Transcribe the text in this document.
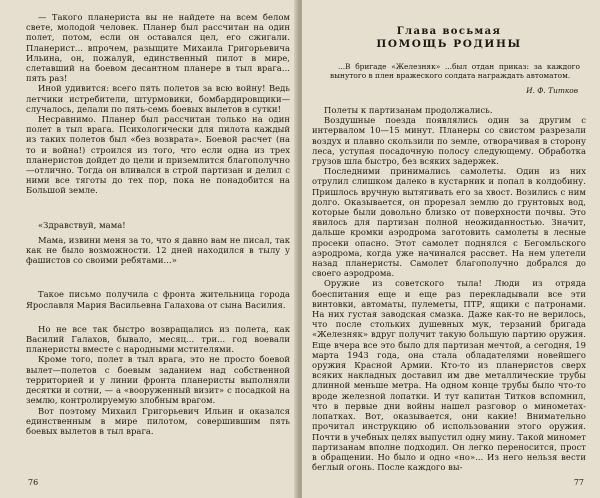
— Такого планериста вы не найдете на всем белом свете, молодой человек. Планер был рассчитан на один полет, потом, если он оставался цел, его сжигали. Планерист... впрочем, разыщите Михаила Григорьевича Ильина, он, пожалуй, единственный пилот в мире, слетавший на боевом десантном планере в тыл врага... пять раз!

Иной удивится: всего пять полетов за всю войну! Ведь летчики истребители, штурмовики, бомбардировщики—случалось, делали по пять-семь боевых вылетов в сутки!

Несравнимо. Планер был рассчитан только на один полет в тыл врага. Психологически для пилота каждый из таких полетов был «без возврата». Боевой расчет (на то и война!) строился из того, что если одна из трех планеристов дойдет до цели и приземлится благополучно—отлично. Тогда он вливался в строй партизан и делил с ними все тяготы до тех пор, пока не понадобится на Большой земле.

«Здравствуй, мама!

Мама, извини меня за то, что я давно вам не писал, так как не было возможности. 12 дней находился в тылу у фашистов со своими ребятами...»

Такое письмо получила с фронта жительница города Ярославля Мария Васильевна Галахова от сына Василия.

Но не все так быстро возвращались из полета, как Василий Галахов, бывало, месяц... три... год воевали планеристы вместе с народными мстителями.

Кроме того, полет в тыл врага, это не просто боевой вылет—полетов с боевым заданием над собственной территорией и у линии фронта планеристы выполняли десятки и сотни, — а «вооруженный визит» с посадкой на землю, контролируемую злобным врагом.

Вот поэтому Михаил Григорьевич Ильин и оказался единственным в мире пилотом, совершившим пять боевых вылетов в тыл врага.

76
Глава восьмая
ПОМОЩЬ РОДИНЫ

...В бригаде «Железняк» ...был отдан приказ: за каждого вынутого в плен вражеского солдата награждать автоматом.

И. Ф. Титков

Полеты к партизанам продолжались.

Воздушные поезда появлялись один за другим с интервалом 10—15 минут. Планеры со свистом разрезали воздух и плавно скользили по земле, отворачивая в сторону леса, уступая посадочную полосу следующему. Обработка грузов шла быстро, без всяких задержек.

Последними принимались самолеты. Один из них отрулил слишком далеко в кустарник и попал в колдобину. Пришлось вручную вытягивать его за хвост. Возились с ним долго. Оказывается, он прорезал землю до грунтовых вод, которые были довольно близко от поверхности почвы. Это явилось для партизан полной неожиданностью. Значит, дальше кромки аэродрома заготовить самолеты в лесные просеки опасно. Этот самолет поднялся с Бегомльского аэродрома, когда уже начинался рассвет. На нем улетели назад планеристы. Самолет благополучно добрался до своего аэродрома.

Оружие из советского тыла! Люди из отряда боеспитания еще и еще раз перекладывали все эти винтовки, автоматы, пулеметы, ПТР, ящики с патронами. На них густая заводская смазка. Даже как-то не верилось, что после стольких душевных мук, терзаний бригада «Железняк» вдруг получит такую большую партию оружия. Еще вчера все это было для партизан мечтой, а сегодня, 19 марта 1943 года, она стала обладателями новейшего оружия Красной Армии. Кто-то из планеристов сверх всяких накладных доставил им две металлические трубы длинной меньше метра. На одном конце трубы было что-то вроде железной лопатки. И тут капитан Титков вспомнил, что в первые дни войны нашел разговор о минометах-лопатках. Вот, оказывается, они какие! Внимательно прочитал инструкцию об использовании этого оружия. Почти в учебных целях выпустил одну мину. Такой миномет партизанам вполне подходил. Он легко переносится, прост в обращении. Но было и одно «но»... Из него нельзя вести беглый огонь. После каждого вы-

77
